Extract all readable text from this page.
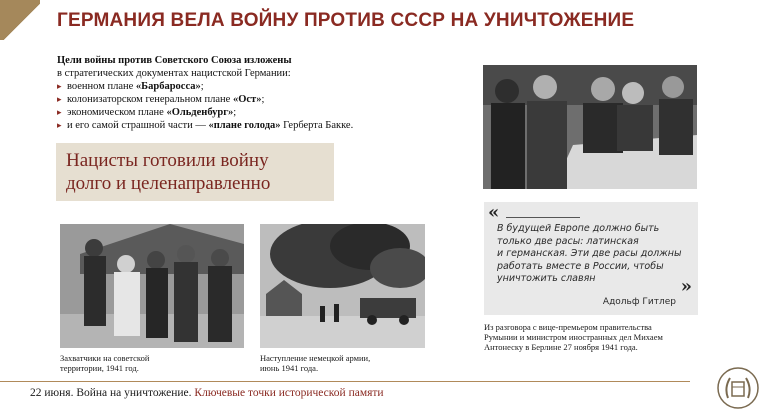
ГЕРМАНИЯ ВЕЛА ВОЙНУ ПРОТИВ СССР НА УНИЧТОЖЕНИЕ
Цели войны против Советского Союза изложены
в стратегических документах нацистской Германии:
▸ военном плане «Барбаросса»;
▸ колонизаторском генеральном плане «Ост»;
▸ экономическом плане «Ольденбург»;
▸ и его самой страшной части — «плане голода» Герберта Бакке.
Нацисты готовили войну
долго и целенаправленно
Захватчики на советской
территории, 1941 год.
Наступление немецкой армии,
июнь 1941 года.
«
В будущей Европе должно быть
только две расы: латинская
и германская. Эти две расы должны
работать вместе в России, чтобы
уничтожить славян	»
Адольф Гитлер
Из разговора с вице-премьером правительства
Румынии и министром иностранных дел Михаем
Антонеску в Берлине 27 ноября 1941 года.
22 июня. Война на уничтожение. Ключевые точки исторической памяти
